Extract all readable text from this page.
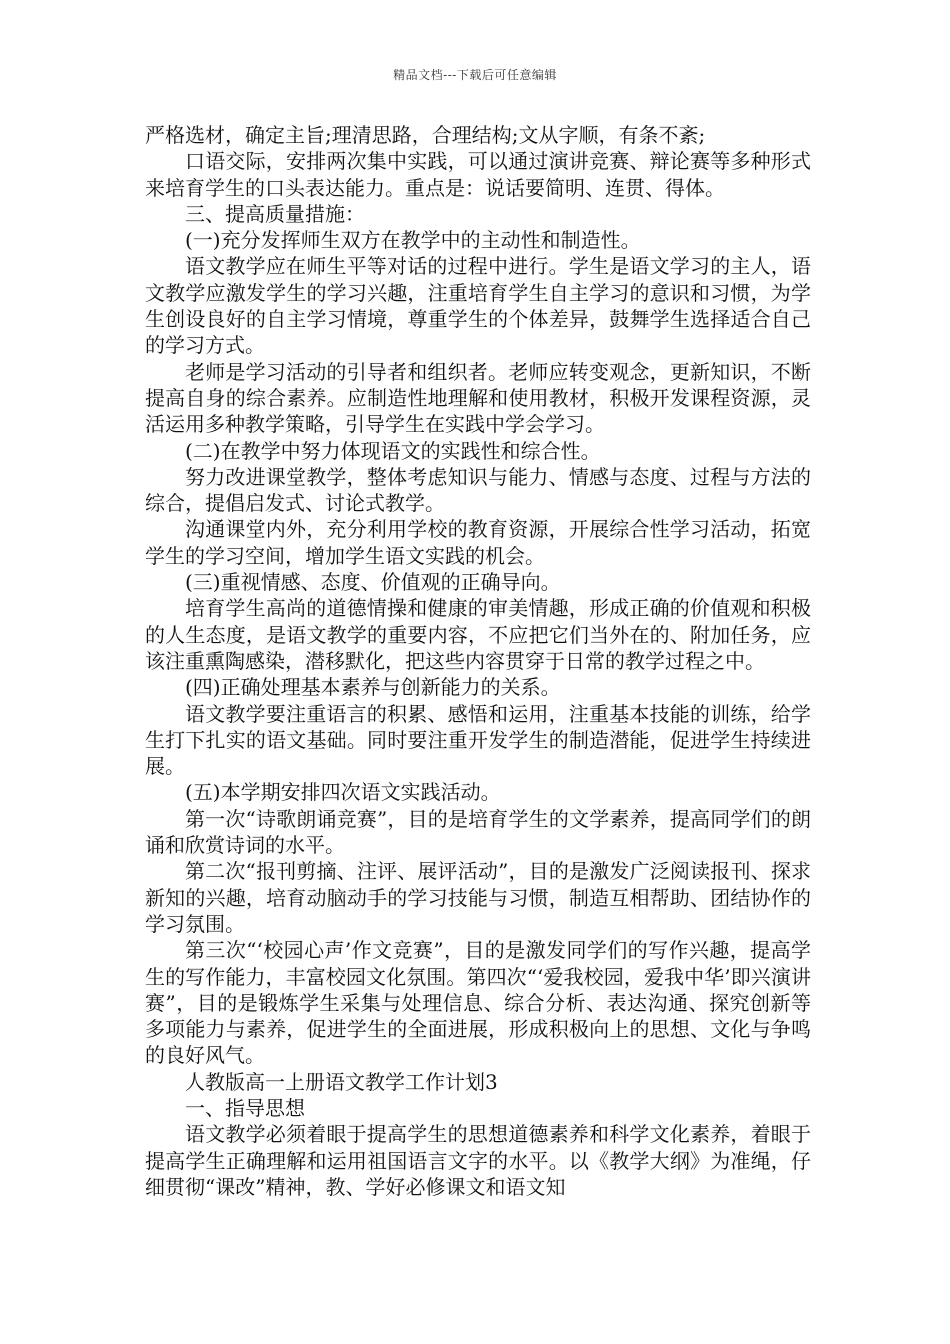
精品文档---下载后可任意编辑

严格选材，确定主旨;理清思路，合理结构;文从字顺，有条不紊;

口语交际，安排两次集中实践，可以通过演讲竞赛、辩论赛等多种形式来培育学生的口头表达能力。重点是：说话要简明、连贯、得体。

三、提高质量措施：

(一)充分发挥师生双方在教学中的主动性和制造性。

语文教学应在师生平等对话的过程中进行。学生是语文学习的主人，语文教学应激发学生的学习兴趣，注重培育学生自主学习的意识和习惯，为学生创设良好的自主学习情境，尊重学生的个体差异，鼓舞学生选择适合自己的学习方式。

老师是学习活动的引导者和组织者。老师应转变观念，更新知识，不断提高自身的综合素养。应制造性地理解和使用教材，积极开发课程资源，灵活运用多种教学策略，引导学生在实践中学会学习。

(二)在教学中努力体现语文的实践性和综合性。

努力改进课堂教学，整体考虑知识与能力、情感与态度、过程与方法的综合，提倡启发式、讨论式教学。

沟通课堂内外，充分利用学校的教育资源，开展综合性学习活动，拓宽学生的学习空间，增加学生语文实践的机会。

(三)重视情感、态度、价值观的正确导向。

培育学生高尚的道德情操和健康的审美情趣，形成正确的价值观和积极的人生态度，是语文教学的重要内容，不应把它们当外在的、附加任务，应该注重熏陶感染，潜移默化，把这些内容贯穿于日常的教学过程之中。

(四)正确处理基本素养与创新能力的关系。

语文教学要注重语言的积累、感悟和运用，注重基本技能的训练，给学生打下扎实的语文基础。同时要注重开发学生的制造潜能，促进学生持续进展。

(五)本学期安排四次语文实践活动。

第一次“诗歌朗诵竞赛”，目的是培育学生的文学素养，提高同学们的朗诵和欣赏诗词的水平。

第二次“报刊剪摘、注评、展评活动”，目的是激发广泛阅读报刊、探求新知的兴趣，培育动脑动手的学习技能与习惯，制造互相帮助、团结协作的学习氛围。

第三次“‘校园心声’作文竞赛”，目的是激发同学们的写作兴趣，提高学生的写作能力，丰富校园文化氛围。第四次“‘爱我校园，爱我中华’即兴演讲赛”，目的是锻炼学生采集与处理信息、综合分析、表达沟通、探究创新等多项能力与素养，促进学生的全面进展，形成积极向上的思想、文化与争鸣的良好风气。

人教版高一上册语文教学工作计划3

一、指导思想

语文教学必须着眼于提高学生的思想道德素养和科学文化素养，着眼于提高学生正确理解和运用祖国语言文字的水平。以《教学大纲》为准绳，仔细贯彻“课改”精神，教、学好必修课文和语文知
